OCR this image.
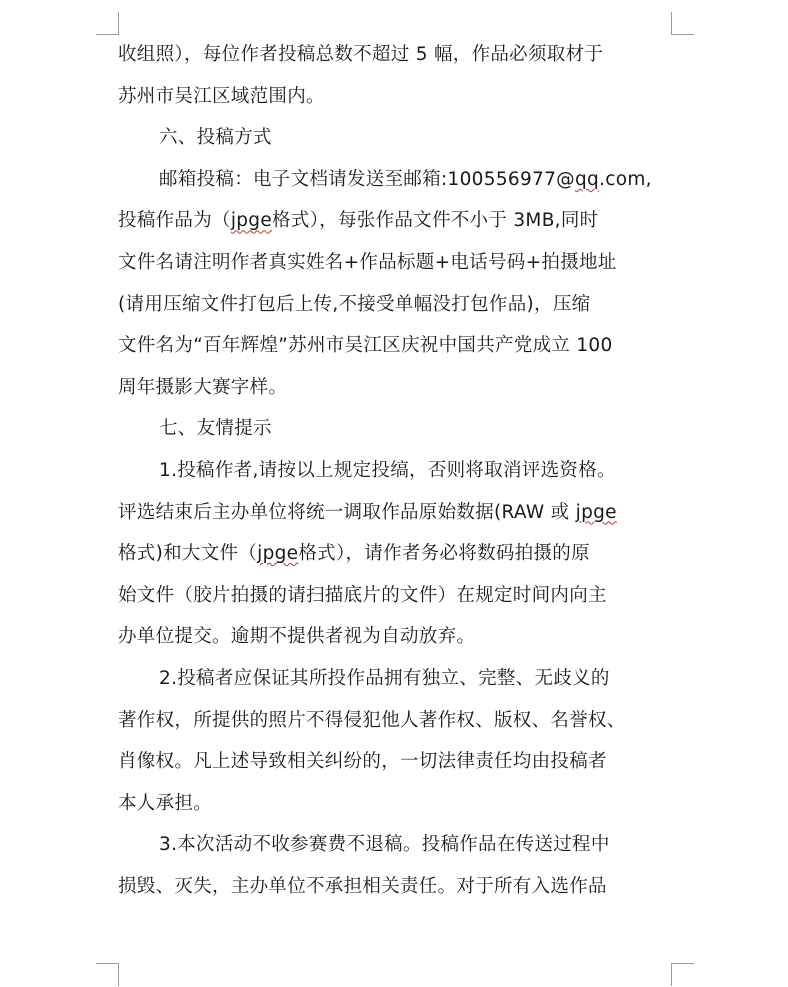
收组照），每位作者投稿总数不超过 5 幅，作品必须取材于
苏州市吴江区域范围内。
六、投稿方式
邮箱投稿：电子文档请发送至邮箱:100556977@qq.com,
投稿作品为（jpge格式），每张作品文件不小于 3MB,同时
文件名请注明作者真实姓名+作品标题+电话号码+拍摄地址
(请用压缩文件打包后上传,不接受单幅没打包作品)，压缩
文件名为“百年辉煌”苏州市吴江区庆祝中国共产党成立 100
周年摄影大赛字样。
七、友情提示
1.投稿作者,请按以上规定投缟，否则将取消评选资格。
评选结束后主办单位将统一调取作品原始数据(RAW 或 jpge
格式)和大文件（jpge格式），请作者务必将数码拍摄的原
始文件（胶片拍摄的请扫描底片的文件）在规定时间内向主
办单位提交。逾期不提供者视为自动放弃。
2.投稿者应保证其所投作品拥有独立、完整、无歧义的
著作权，所提供的照片不得侵犯他人著作权、版权、名誉权、
肖像权。凡上述导致相关纠纷的，一切法律责任均由投稿者
本人承担。
3.本次活动不收参赛费不退稿。投稿作品在传送过程中
损毁、灭失，主办单位不承担相关责任。对于所有入选作品
